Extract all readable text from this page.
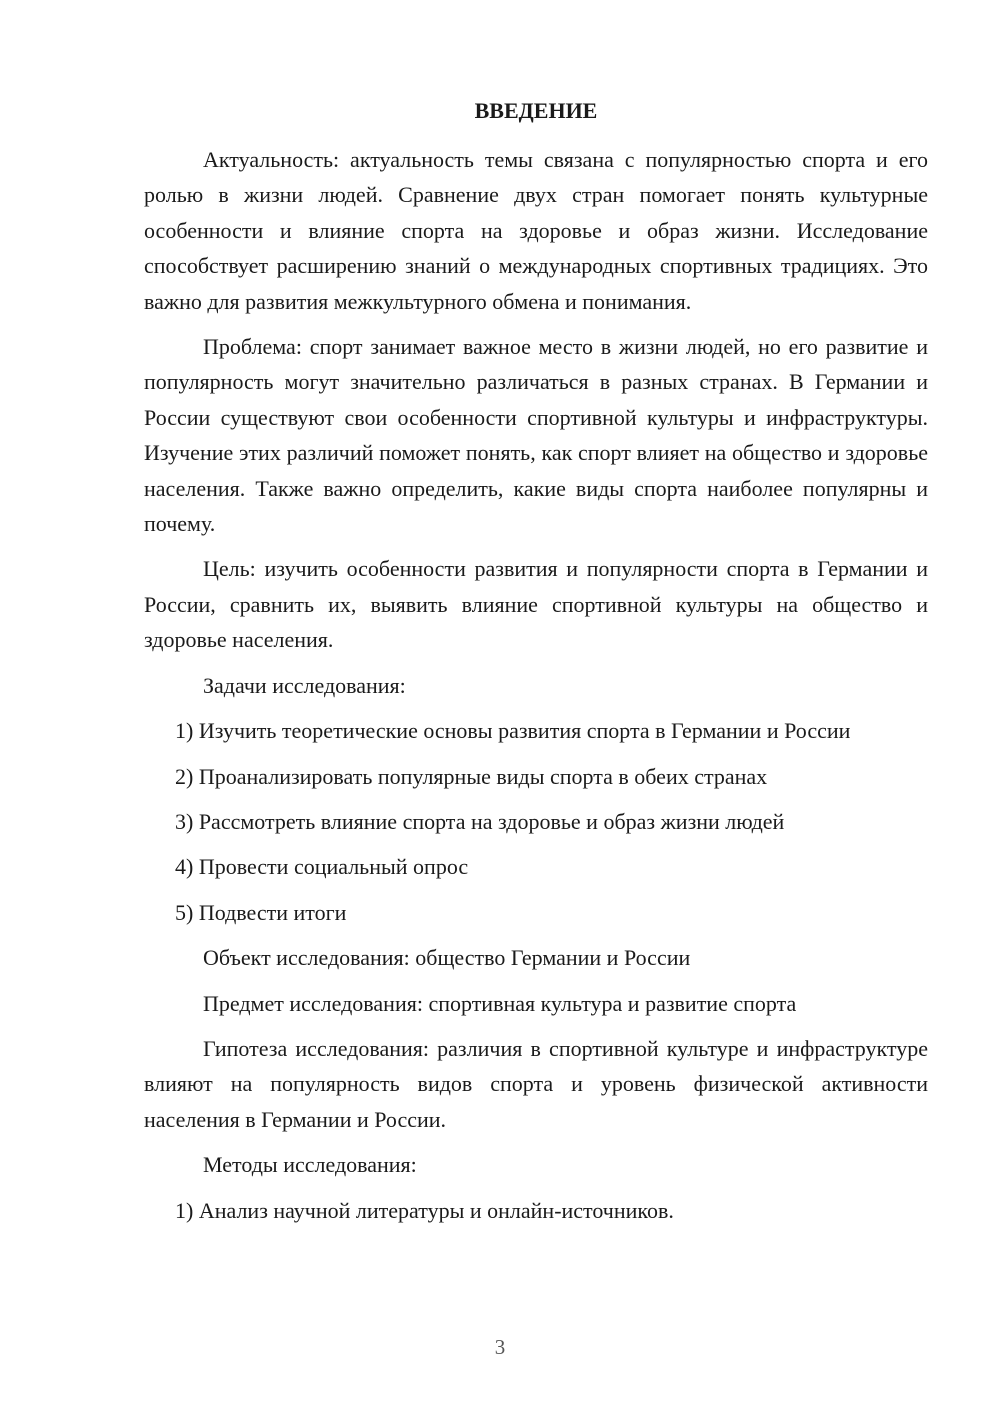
ВВЕДЕНИЕ

Актуальность: актуальность темы связана с популярностью спорта и его ролью в жизни людей. Сравнение двух стран помогает понять культурные особенности и влияние спорта на здоровье и образ жизни. Исследование способствует расширению знаний о международных спортивных традициях. Это важно для развития межкультурного обмена и понимания.

Проблема: спорт занимает важное место в жизни людей, но его развитие и популярность могут значительно различаться в разных странах. В Германии и России существуют свои особенности спортивной культуры и инфраструктуры. Изучение этих различий поможет понять, как спорт влияет на общество и здоровье населения. Также важно определить, какие виды спорта наиболее популярны и почему.

Цель: изучить особенности развития и популярности спорта в Германии и России, сравнить их, выявить влияние спортивной культуры на общество и здоровье населения.

Задачи исследования:

1) Изучить теоретические основы развития спорта в Германии и России

2) Проанализировать популярные виды спорта в обеих странах

3) Рассмотреть влияние спорта на здоровье и образ жизни людей

4) Провести социальный опрос

5) Подвести итоги

Объект исследования: общество Германии и России

Предмет исследования: спортивная культура и развитие спорта

Гипотеза исследования: различия в спортивной культуре и инфраструктуре влияют на популярность видов спорта и уровень физической активности населения в Германии и России.

Методы исследования:

1) Анализ научной литературы и онлайн-источников.

3
